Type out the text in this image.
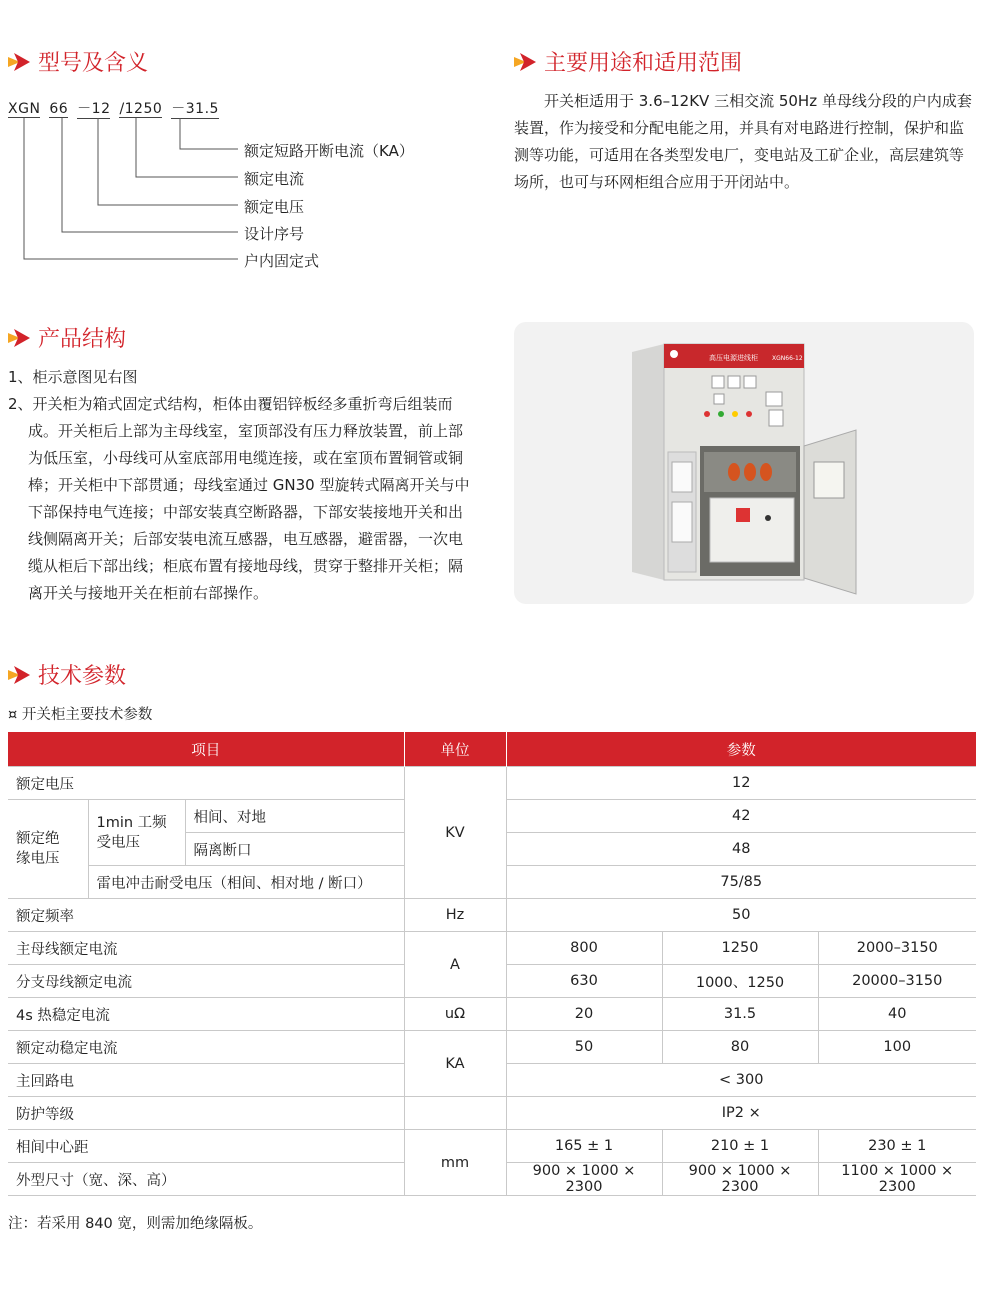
型号及含义
XGN 66 －12 /1250 －31.5
额定短路开断电流（KA）
额定电流
额定电压
设计序号
户内固定式
主要用途和适用范围
开关柜适用于 3.6–12KV 三相交流 50Hz 单母线分段的户内成套装置，作为接受和分配电能之用，并具有对电路进行控制，保护和监测等功能，可适用在各类型发电厂，变电站及工矿企业，高层建筑等场所，也可与环网柜组合应用于开闭站中。
产品结构
1、柜示意图见右图
2、开关柜为箱式固定式结构，柜体由覆铝锌板经多重折弯后组装而成。开关柜后上部为主母线室，室顶部没有压力释放装置，前上部为低压室，小母线可从室底部用电缆连接，或在室顶布置铜管或铜棒；开关柜中下部贯通；母线室通过 GN30 型旋转式隔离开关与中下部保持电气连接；中部安装真空断路器，下部安装接地开关和出线侧隔离开关；后部安装电流互感器，电互感器，避雷器，一次电缆从柜后下部出线；柜底布置有接地母线，贯穿于整排开关柜；隔离开关与接地开关在柜前右部操作。
高压电源进线柜 XGN66-12
技术参数
¤ 开关柜主要技术参数
项目			单位	参数		
额定电压			KV	12		
额定绝缘电压	1min 工频受电压	相间、对地		42		
		隔离断口		48		
	雷电冲击耐受电压（相间、相对地 / 断口）			75/85		
额定频率			Hz	50		
主母线额定电流			A	800	1250	2000–3150
分支母线额定电流				630	1000、1250	20000–3150
4s 热稳定电流			uΩ	20	31.5	40
额定动稳定电流			KA	50	80	100
主回路电				< 300		
防护等级				IP2 ×		
相间中心距			mm	165 ± 1	210 ± 1	230 ± 1
外型尺寸（宽、深、高）				900 × 1000 × 2300	900 × 1000 × 2300	1100 × 1000 × 2300
注：若采用 840 宽，则需加绝缘隔板。
